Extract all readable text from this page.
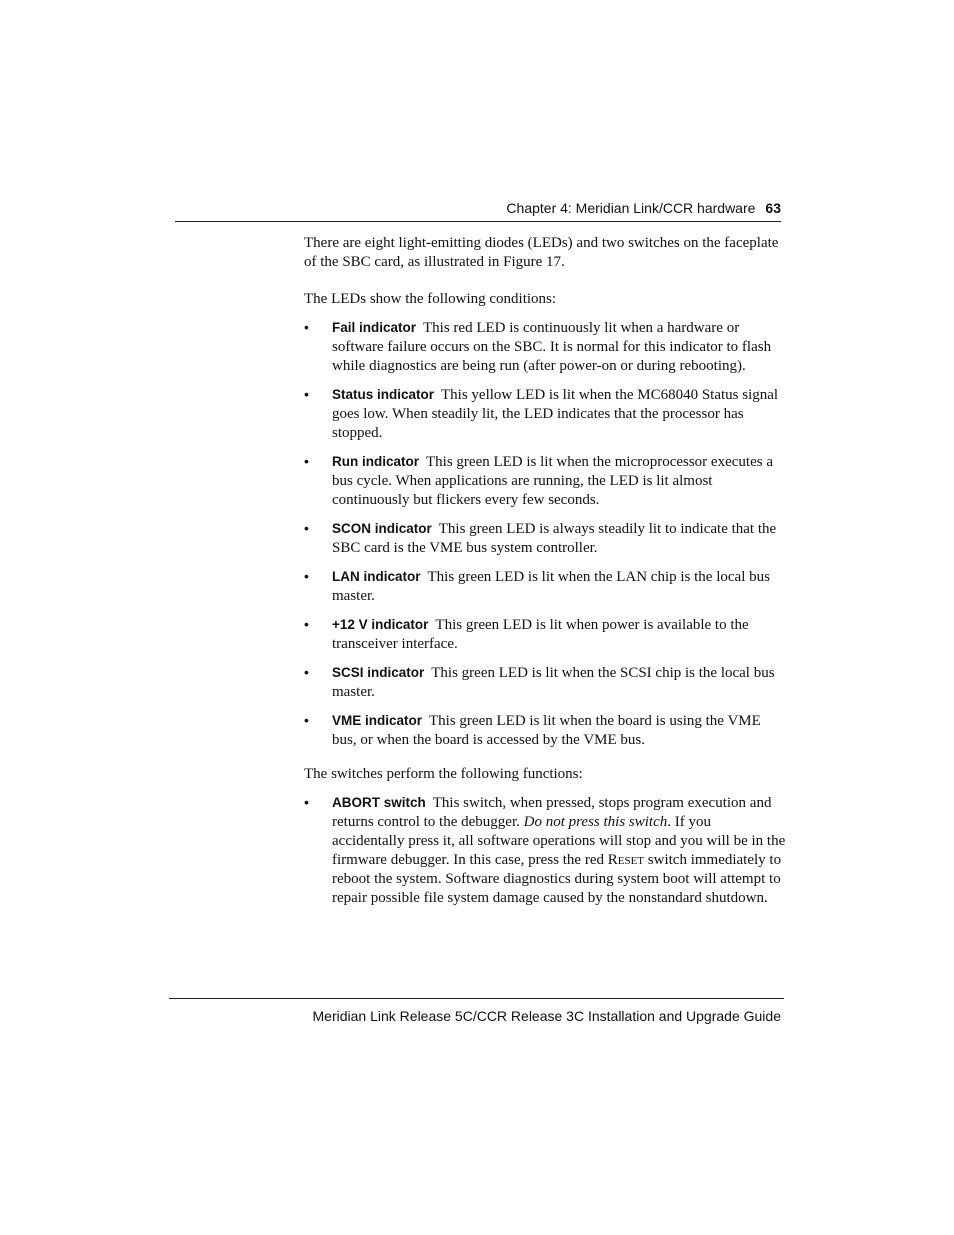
Chapter 4: Meridian Link/CCR hardware 63

There are eight light-emitting diodes (LEDs) and two switches on the faceplate of the SBC card, as illustrated in Figure 17.

The LEDs show the following conditions:

• Fail indicator This red LED is continuously lit when a hardware or software failure occurs on the SBC. It is normal for this indicator to flash while diagnostics are being run (after power-on or during rebooting).
• Status indicator This yellow LED is lit when the MC68040 Status signal goes low. When steadily lit, the LED indicates that the processor has stopped.
• Run indicator This green LED is lit when the microprocessor executes a bus cycle. When applications are running, the LED is lit almost continuously but flickers every few seconds.
• SCON indicator This green LED is always steadily lit to indicate that the SBC card is the VME bus system controller.
• LAN indicator This green LED is lit when the LAN chip is the local bus master.
• +12 V indicator This green LED is lit when power is available to the transceiver interface.
• SCSI indicator This green LED is lit when the SCSI chip is the local bus master.
• VME indicator This green LED is lit when the board is using the VME bus, or when the board is accessed by the VME bus.

The switches perform the following functions:

• ABORT switch This switch, when pressed, stops program execution and returns control to the debugger. Do not press this switch. If you accidentally press it, all software operations will stop and you will be in the firmware debugger. In this case, press the red Reset switch immediately to reboot the system. Software diagnostics during system boot will attempt to repair possible file system damage caused by the nonstandard shutdown.
Meridian Link Release 5C/CCR Release 3C Installation and Upgrade Guide
